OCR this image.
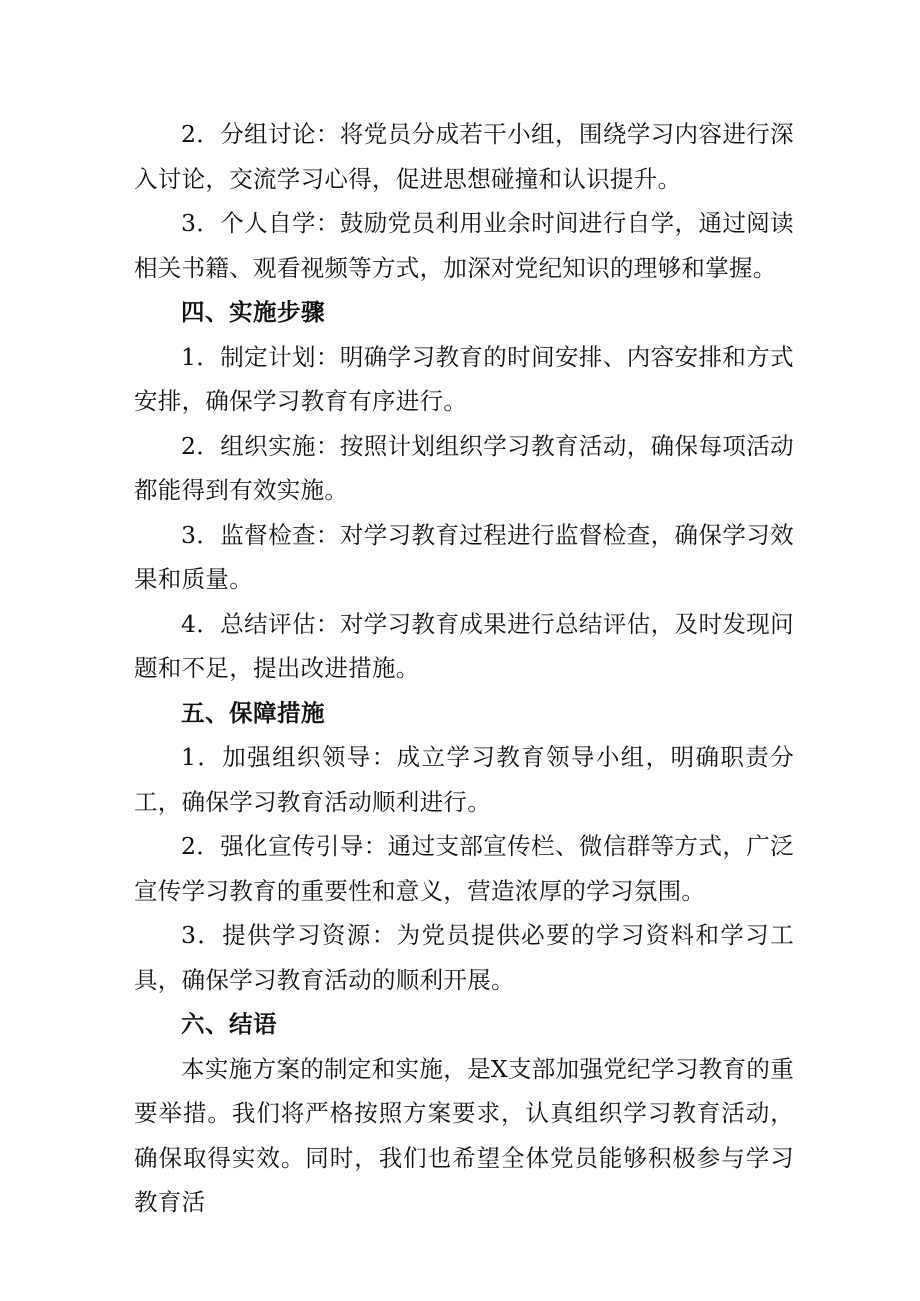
2．分组讨论：将党员分成若干小组，围绕学习内容进行深入讨论，交流学习心得，促进思想碰撞和认识提升。

3．个人自学：鼓励党员利用业余时间进行自学，通过阅读相关书籍、观看视频等方式，加深对党纪知识的理够和掌握。

四、实施步骤

1．制定计划：明确学习教育的时间安排、内容安排和方式安排，确保学习教育有序进行。

2．组织实施：按照计划组织学习教育活动，确保每项活动都能得到有效实施。

3．监督检查：对学习教育过程进行监督检查，确保学习效果和质量。

4．总结评估：对学习教育成果进行总结评估，及时发现问题和不足，提出改进措施。

五、保障措施

1．加强组织领导：成立学习教育领导小组，明确职责分工，确保学习教育活动顺利进行。

2．强化宣传引导：通过支部宣传栏、微信群等方式，广泛宣传学习教育的重要性和意义，营造浓厚的学习氛围。

3．提供学习资源：为党员提供必要的学习资料和学习工具，确保学习教育活动的顺利开展。

六、结语

本实施方案的制定和实施，是X支部加强党纪学习教育的重要举措。我们将严格按照方案要求，认真组织学习教育活动，确保取得实效。同时，我们也希望全体党员能够积极参与学习教育活
